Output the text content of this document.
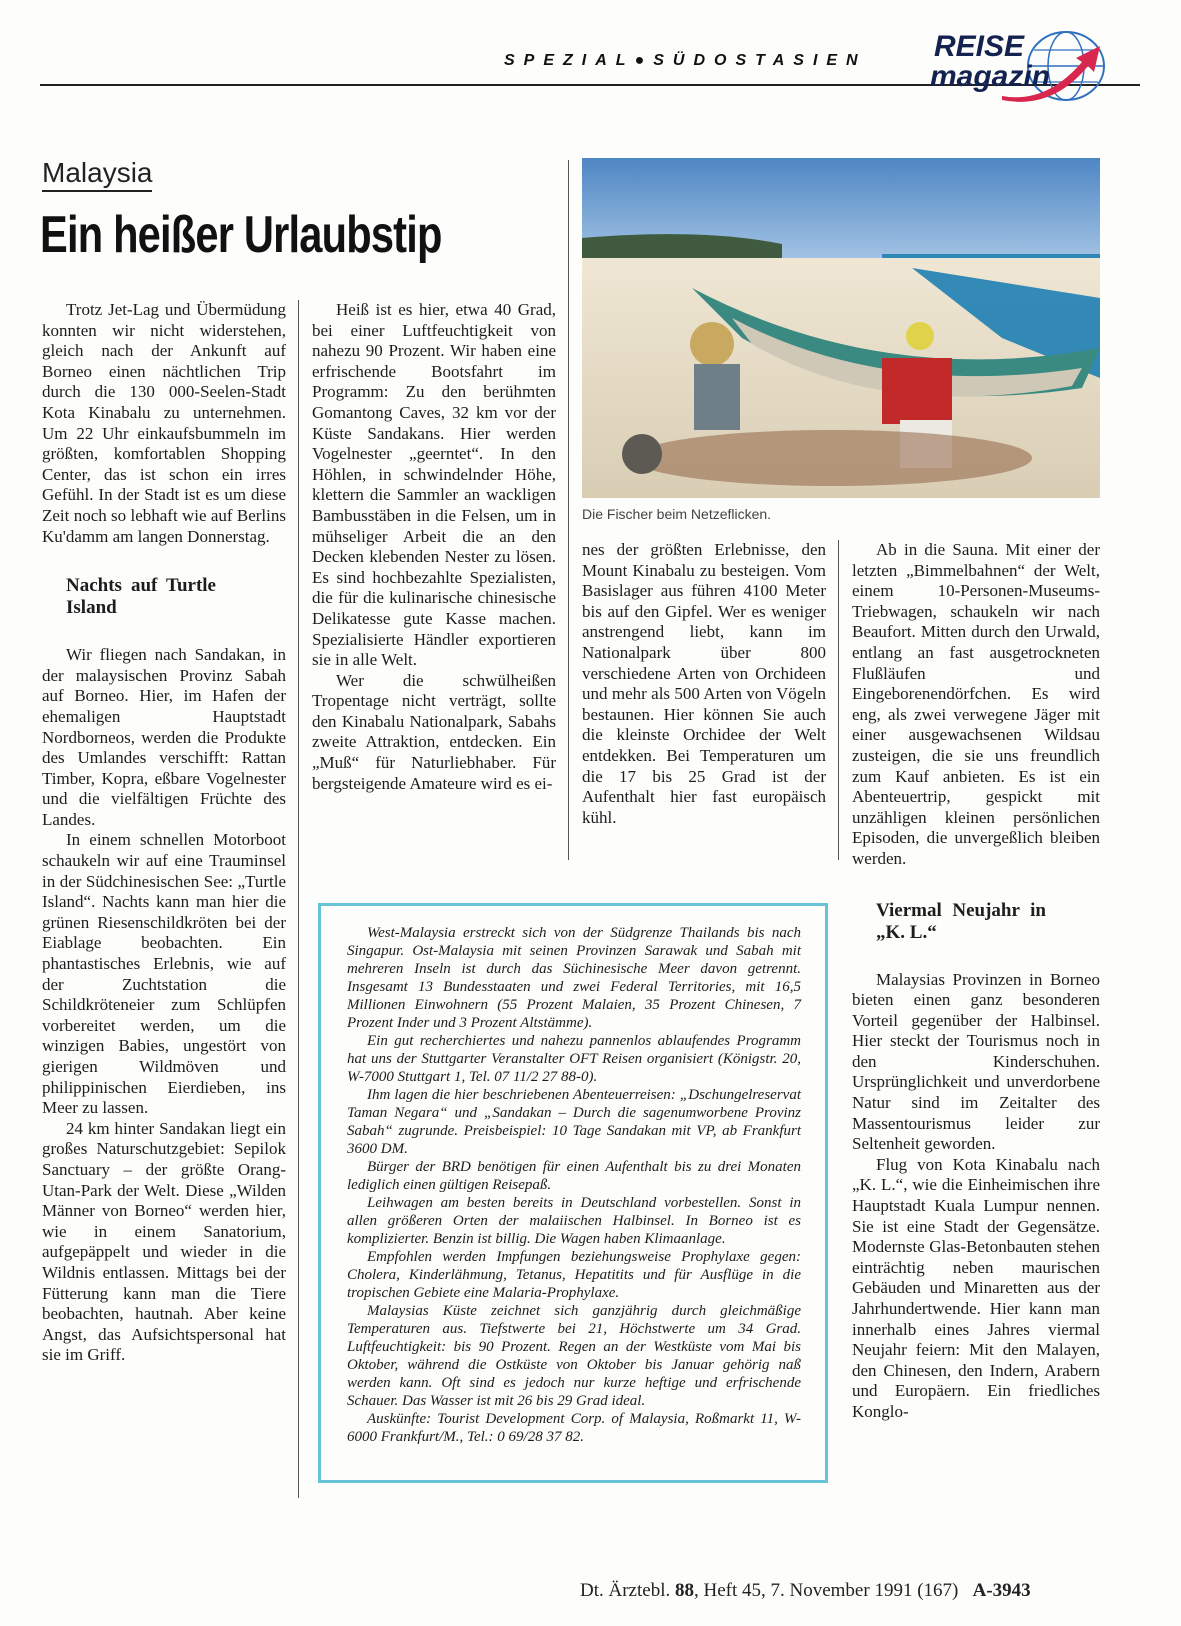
SPEZIAL●SÜDOSTASIEN REISE
magazin
Malaysia
Ein heißer Urlaubstip

Trotz Jet-Lag und Übermüdung konnten wir nicht widerstehen, gleich nach der Ankunft auf Borneo einen nächtlichen Trip durch die 130 000-Seelen-Stadt Kota Kinabalu zu unternehmen. Um 22 Uhr einkaufsbummeln im größten, komfortablen Shopping Center, das ist schon ein irres Gefühl. In der Stadt ist es um diese Zeit noch so lebhaft wie auf Berlins Ku'damm am langen Donnerstag.

Nachts auf Turtle Island

Wir fliegen nach Sandakan, in der malaysischen Provinz Sabah auf Borneo. Hier, im Hafen der ehemaligen Hauptstadt Nordborneos, werden die Produkte des Umlandes verschifft: Rattan Timber, Kopra, eßbare Vogelnester und die vielfältigen Früchte des Landes.

In einem schnellen Motorboot schaukeln wir auf eine Trauminsel in der Südchinesischen See: „Turtle Island“. Nachts kann man hier die grünen Riesenschildkröten bei der Eiablage beobachten. Ein phantastisches Erlebnis, wie auf der Zuchtstation die Schildkröteneier zum Schlüpfen vorbereitet werden, um die winzigen Babies, ungestört von gierigen Wildmöven und philippinischen Eierdieben, ins Meer zu lassen.

24 km hinter Sandakan liegt ein großes Naturschutzgebiet: Sepilok Sanctuary – der größte Orang-Utan-Park der Welt. Diese „Wilden Männer von Borneo“ werden hier, wie in einem Sanatorium, aufgepäppelt und wieder in die Wildnis entlassen. Mittags bei der Fütterung kann man die Tiere beobachten, hautnah. Aber keine Angst, das Aufsichtspersonal hat sie im Griff.

Heiß ist es hier, etwa 40 Grad, bei einer Luftfeuchtigkeit von nahezu 90 Prozent. Wir haben eine erfrischende Bootsfahrt im Programm: Zu den berühmten Gomantong Caves, 32 km vor der Küste Sandakans. Hier werden Vogelnester „geerntet“. In den Höhlen, in schwindelnder Höhe, klettern die Sammler an wackligen Bambusstäben in die Felsen, um in mühseliger Arbeit die an den Decken klebenden Nester zu lösen. Es sind hochbezahlte Spezialisten, die für die kulinarische chinesische Delikatesse gute Kasse machen. Spezialisierte Händler exportieren sie in alle Welt.

Wer die schwülheißen Tropentage nicht verträgt, sollte den Kinabalu Nationalpark, Sabahs zweite Attraktion, entdecken. Ein „Muß“ für Naturliebhaber. Für bergsteigende Amateure wird es ei-

Die Fischer beim Netzeflicken.

nes der größten Erlebnisse, den Mount Kinabalu zu besteigen. Vom Basislager aus führen 4100 Meter bis auf den Gipfel. Wer es weniger anstrengend liebt, kann im Nationalpark über 800 verschiedene Arten von Orchideen und mehr als 500 Arten von Vögeln bestaunen. Hier können Sie auch die kleinste Orchidee der Welt entdekken. Bei Temperaturen um die 17 bis 25 Grad ist der Aufenthalt hier fast europäisch kühl.

Ab in die Sauna. Mit einer der letzten „Bimmelbahnen“ der Welt, einem 10-Personen-Museums-Triebwagen, schaukeln wir nach Beaufort. Mitten durch den Urwald, entlang an fast ausgetrockneten Flußläufen und Eingeborenendörfchen. Es wird eng, als zwei verwegene Jäger mit einer ausgewachsenen Wildsau zusteigen, die sie uns freundlich zum Kauf anbieten. Es ist ein Abenteuertrip, gespickt mit unzähligen kleinen persönlichen Episoden, die unvergeßlich bleiben werden.

Viermal Neujahr in „K. L.“

Malaysias Provinzen in Borneo bieten einen ganz besonderen Vorteil gegenüber der Halbinsel. Hier steckt der Tourismus noch in den Kinderschuhen. Ursprünglichkeit und unverdorbene Natur sind im Zeitalter des Massentourismus leider zur Seltenheit geworden.

Flug von Kota Kinabalu nach „K. L.“, wie die Einheimischen ihre Hauptstadt Kuala Lumpur nennen. Sie ist eine Stadt der Gegensätze. Modernste Glas-Betonbauten stehen einträchtig neben maurischen Gebäuden und Minaretten aus der Jahrhundertwende. Hier kann man innerhalb eines Jahres viermal Neujahr feiern: Mit den Malayen, den Chinesen, den Indern, Arabern und Europäern. Ein friedliches Konglo-

West-Malaysia erstreckt sich von der Südgrenze Thailands bis nach Singapur. Ost-Malaysia mit seinen Provinzen Sarawak und Sabah mit mehreren Inseln ist durch das Süchinesische Meer davon getrennt. Insgesamt 13 Bundesstaaten und zwei Federal Territories, mit 16,5 Millionen Einwohnern (55 Prozent Malaien, 35 Prozent Chinesen, 7 Prozent Inder und 3 Prozent Altstämme).

Ein gut recherchiertes und nahezu pannenlos ablaufendes Programm hat uns der Stuttgarter Veranstalter OFT Reisen organisiert (Königstr. 20, W-7000 Stuttgart 1, Tel. 07 11/2 27 88-0).

Ihm lagen die hier beschriebenen Abenteuerreisen: „Dschungelreservat Taman Negara“ und „Sandakan – Durch die sagenumworbene Provinz Sabah“ zugrunde. Preisbeispiel: 10 Tage Sandakan mit VP, ab Frankfurt 3600 DM.

Bürger der BRD benötigen für einen Aufenthalt bis zu drei Monaten lediglich einen gültigen Reisepaß.

Leihwagen am besten bereits in Deutschland vorbestellen. Sonst in allen größeren Orten der malaiischen Halbinsel. In Borneo ist es komplizierter. Benzin ist billig. Die Wagen haben Klimaanlage.

Empfohlen werden Impfungen beziehungsweise Prophylaxe gegen: Cholera, Kinderlähmung, Tetanus, Hepatitits und für Ausflüge in die tropischen Gebiete eine Malaria-Prophylaxe.

Malaysias Küste zeichnet sich ganzjährig durch gleichmäßige Temperaturen aus. Tiefstwerte bei 21, Höchstwerte um 34 Grad. Luftfeuchtigkeit: bis 90 Prozent. Regen an der Westküste vom Mai bis Oktober, während die Ostküste von Oktober bis Januar gehörig naß werden kann. Oft sind es jedoch nur kurze heftige und erfrischende Schauer. Das Wasser ist mit 26 bis 29 Grad ideal.

Auskünfte: Tourist Development Corp. of Malaysia, Roßmarkt 11, W-6000 Frankfurt/M., Tel.: 0 69/28 37 82.

Dt. Ärztebl. 88, Heft 45, 7. November 1991 (167) A-3943
